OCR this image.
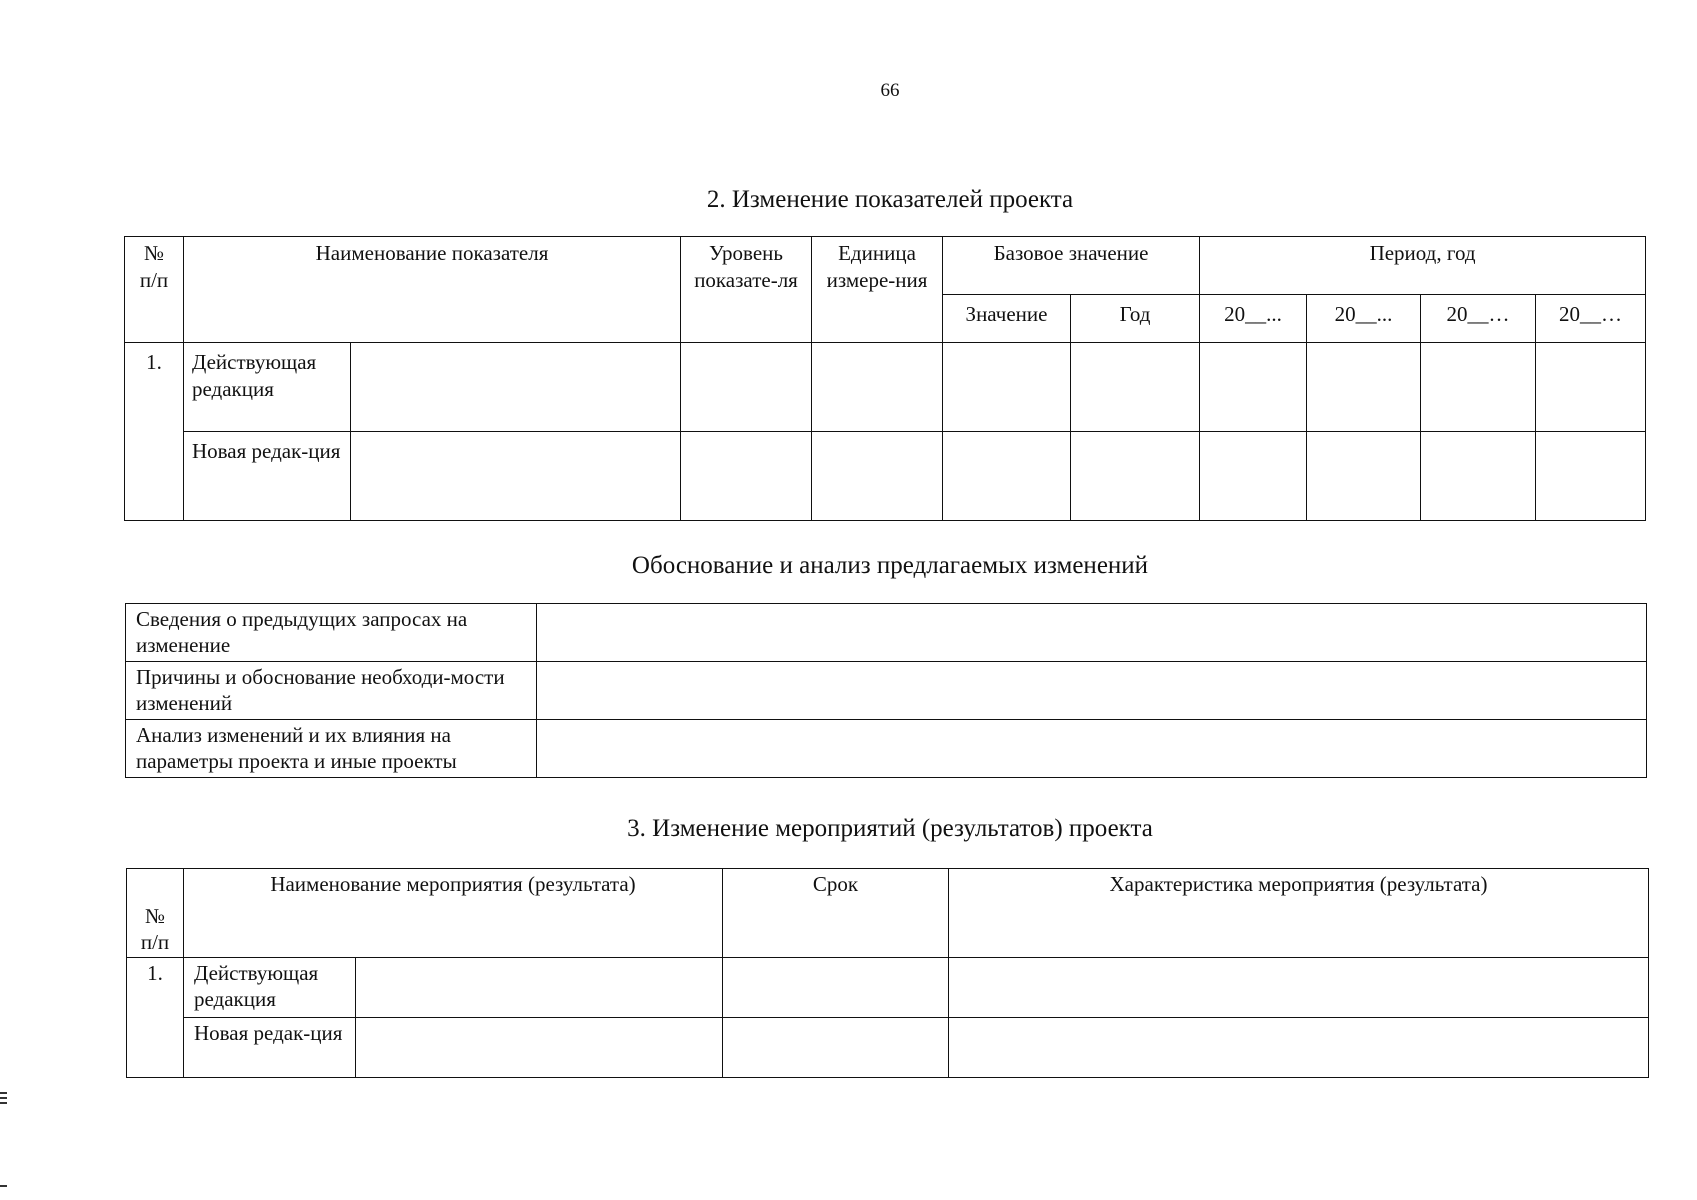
66
2. Изменение показателей проекта
№ п/п	Наименование показателя		Уровень показате-ля	Единица измере-ния	Базовое значение		Период, год			
					Значение	Год	20__...	20__...	20__…	20__…
1.	Действующая редакция									
	Новая редак-ция									
Обоснование и анализ предлагаемых изменений
Сведения о предыдущих запросах на изменение	
Причины и обоснование необходи-мости изменений	
Анализ изменений и их влияния на параметры проекта и иные проекты	
3. Изменение мероприятий (результатов) проекта
№ п/п	Наименование мероприятия (результата)		Срок	Характеристика мероприятия (результата)
1.	Действующая редакция			
	Новая редак-ция			
